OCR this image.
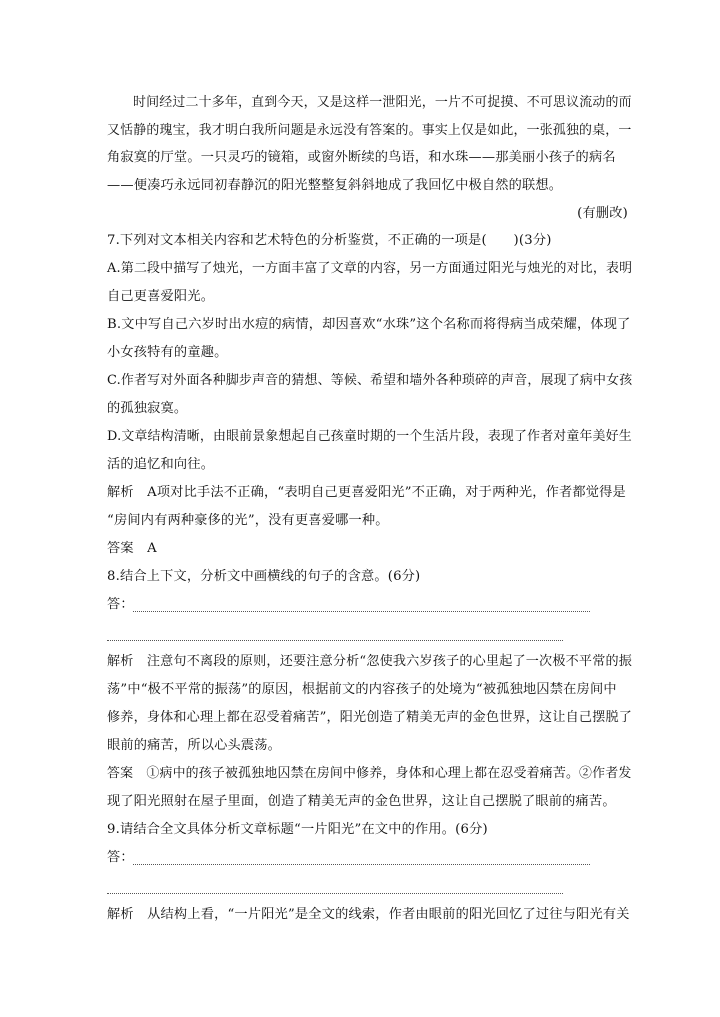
时间经过二十多年，直到今天，又是这样一泄阳光，一片不可捉摸、不可思议流动的而
又恬静的瑰宝，我才明白我所问题是永远没有答案的。事实上仅是如此，一张孤独的桌，一
角寂寞的厅堂。一只灵巧的镜箱，或窗外断续的鸟语，和水珠——那美丽小孩子的病名
——便凑巧永远同初春静沉的阳光整整复斜斜地成了我回忆中极自然的联想。
(有删改)
7.下列对文本相关内容和艺术特色的分析鉴赏，不正确的一项是(　　)(3分)
A.第二段中描写了烛光，一方面丰富了文章的内容，另一方面通过阳光与烛光的对比，表明
自己更喜爱阳光。
B.文中写自己六岁时出水痘的病情，却因喜欢“水珠”这个名称而将得病当成荣耀，体现了
小女孩特有的童趣。
C.作者写对外面各种脚步声音的猜想、等候、希望和墙外各种琐碎的声音，展现了病中女孩
的孤独寂寞。
D.文章结构清晰，由眼前景象想起自己孩童时期的一个生活片段，表现了作者对童年美好生
活的追忆和向往。
解析　A项对比手法不正确，“表明自己更喜爱阳光”不正确，对于两种光，作者都觉得是
“房间内有两种豪侈的光”，没有更喜爱哪一种。
答案　A
8.结合上下文，分析文中画横线的句子的含意。(6分)
答：
解析　注意句不离段的原则，还要注意分析“忽使我六岁孩子的心里起了一次极不平常的振
荡”中“极不平常的振荡”的原因，根据前文的内容孩子的处境为“被孤独地囚禁在房间中
修养，身体和心理上都在忍受着痛苦”，阳光创造了精美无声的金色世界，这让自己摆脱了
眼前的痛苦，所以心头震荡。
答案　①病中的孩子被孤独地囚禁在房间中修养，身体和心理上都在忍受着痛苦。②作者发
现了阳光照射在屋子里面，创造了精美无声的金色世界，这让自己摆脱了眼前的痛苦。
9.请结合全文具体分析文章标题“一片阳光”在文中的作用。(6分)
答：
解析　从结构上看，“一片阳光”是全文的线索，作者由眼前的阳光回忆了过往与阳光有关
